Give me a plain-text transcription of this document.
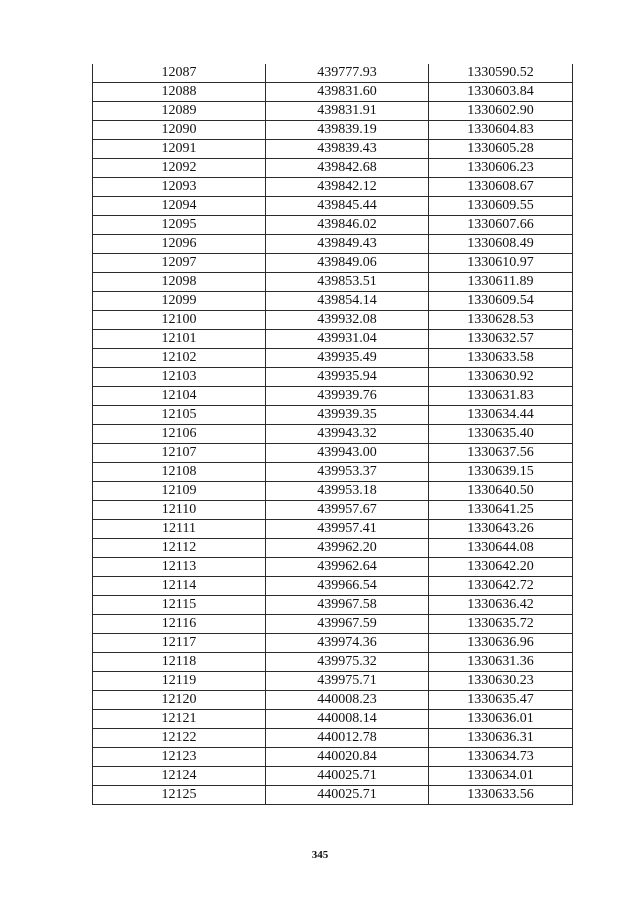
12087	439777.93	1330590.52
12088	439831.60	1330603.84
12089	439831.91	1330602.90
12090	439839.19	1330604.83
12091	439839.43	1330605.28
12092	439842.68	1330606.23
12093	439842.12	1330608.67
12094	439845.44	1330609.55
12095	439846.02	1330607.66
12096	439849.43	1330608.49
12097	439849.06	1330610.97
12098	439853.51	1330611.89
12099	439854.14	1330609.54
12100	439932.08	1330628.53
12101	439931.04	1330632.57
12102	439935.49	1330633.58
12103	439935.94	1330630.92
12104	439939.76	1330631.83
12105	439939.35	1330634.44
12106	439943.32	1330635.40
12107	439943.00	1330637.56
12108	439953.37	1330639.15
12109	439953.18	1330640.50
12110	439957.67	1330641.25
12111	439957.41	1330643.26
12112	439962.20	1330644.08
12113	439962.64	1330642.20
12114	439966.54	1330642.72
12115	439967.58	1330636.42
12116	439967.59	1330635.72
12117	439974.36	1330636.96
12118	439975.32	1330631.36
12119	439975.71	1330630.23
12120	440008.23	1330635.47
12121	440008.14	1330636.01
12122	440012.78	1330636.31
12123	440020.84	1330634.73
12124	440025.71	1330634.01
12125	440025.71	1330633.56
345
